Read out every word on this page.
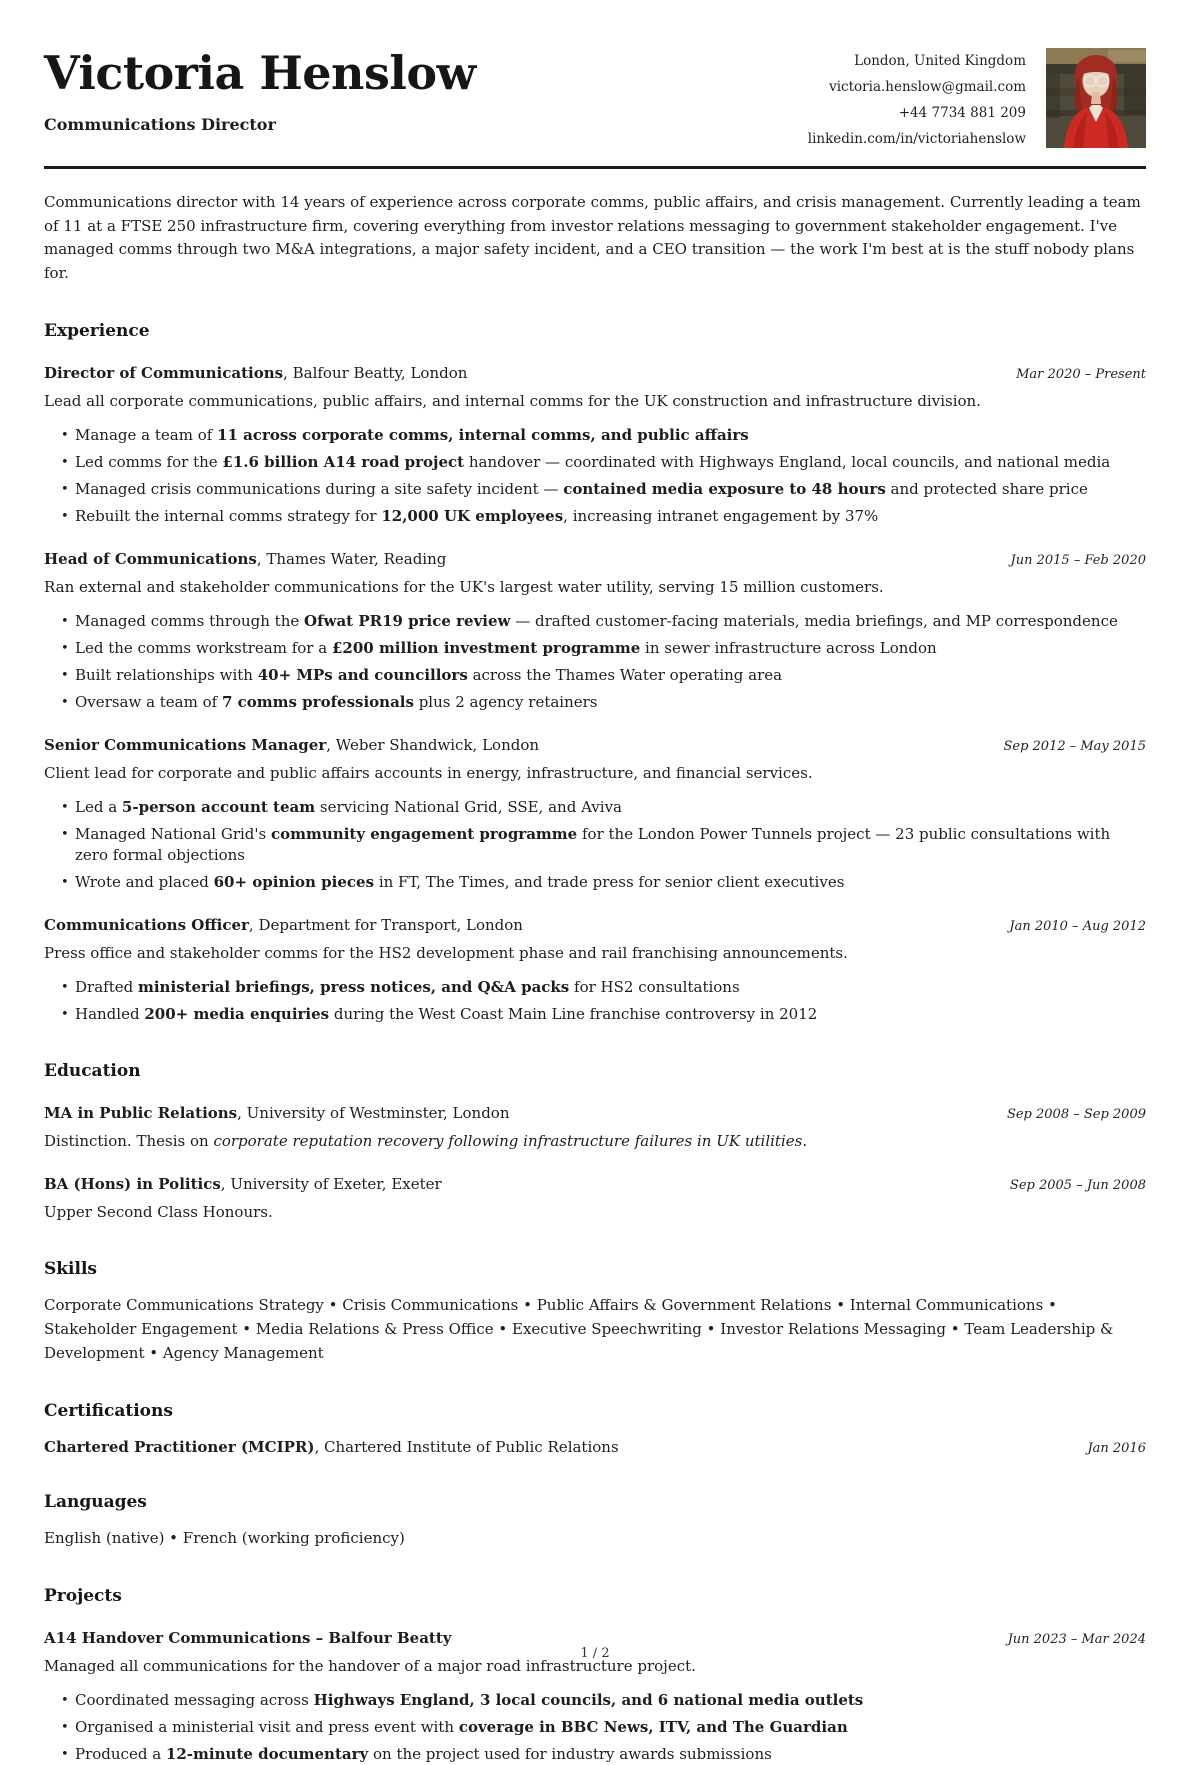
Victoria Henslow
Communications Director
London, United Kingdom
victoria.henslow@gmail.com
+44 7734 881 209
linkedin.com/in/victoriahenslow

Communications director with 14 years of experience across corporate comms, public affairs, and crisis management. Currently leading a team of 11 at a FTSE 250 infrastructure firm, covering everything from investor relations messaging to government stakeholder engagement. I've managed comms through two M&A integrations, a major safety incident, and a CEO transition — the work I'm best at is the stuff nobody plans for.

Experience
Director of Communications, Balfour Beatty, London	Mar 2020 – Present

Lead all corporate communications, public affairs, and internal comms for the UK construction and infrastructure division.

• Manage a team of 11 across corporate comms, internal comms, and public affairs
• Led comms for the £1.6 billion A14 road project handover — coordinated with Highways England, local councils, and national media
• Managed crisis communications during a site safety incident — contained media exposure to 48 hours and protected share price
• Rebuilt the internal comms strategy for 12,000 UK employees, increasing intranet engagement by 37%
Head of Communications, Thames Water, Reading	Jun 2015 – Feb 2020

Ran external and stakeholder communications for the UK's largest water utility, serving 15 million customers.

• Managed comms through the Ofwat PR19 price review — drafted customer-facing materials, media briefings, and MP correspondence
• Led the comms workstream for a £200 million investment programme in sewer infrastructure across London
• Built relationships with 40+ MPs and councillors across the Thames Water operating area
• Oversaw a team of 7 comms professionals plus 2 agency retainers
Senior Communications Manager, Weber Shandwick, London	Sep 2012 – May 2015

Client lead for corporate and public affairs accounts in energy, infrastructure, and financial services.

• Led a 5-person account team servicing National Grid, SSE, and Aviva
• Managed National Grid's community engagement programme for the London Power Tunnels project — 23 public consultations with zero formal objections
• Wrote and placed 60+ opinion pieces in FT, The Times, and trade press for senior client executives
Communications Officer, Department for Transport, London	Jan 2010 – Aug 2012

Press office and stakeholder comms for the HS2 development phase and rail franchising announcements.

• Drafted ministerial briefings, press notices, and Q&A packs for HS2 consultations
• Handled 200+ media enquiries during the West Coast Main Line franchise controversy in 2012
Education
MA in Public Relations, University of Westminster, London	Sep 2008 – Sep 2009

Distinction. Thesis on corporate reputation recovery following infrastructure failures in UK utilities.

BA (Hons) in Politics, University of Exeter, Exeter	Sep 2005 – Jun 2008

Upper Second Class Honours.

Skills

Corporate Communications Strategy • Crisis Communications • Public Affairs & Government Relations • Internal Communications • Stakeholder Engagement • Media Relations & Press Office • Executive Speechwriting • Investor Relations Messaging • Team Leadership & Development • Agency Management

Certifications
Chartered Practitioner (MCIPR), Chartered Institute of Public Relations	Jan 2016
Languages

English (native) • French (working proficiency)

Projects
A14 Handover Communications – Balfour Beatty	Jun 2023 – Mar 2024

Managed all communications for the handover of a major road infrastructure project.

• Coordinated messaging across Highways England, 3 local councils, and 6 national media outlets
• Organised a ministerial visit and press event with coverage in BBC News, ITV, and The Guardian
• Produced a 12-minute documentary on the project used for industry awards submissions
1 / 2
